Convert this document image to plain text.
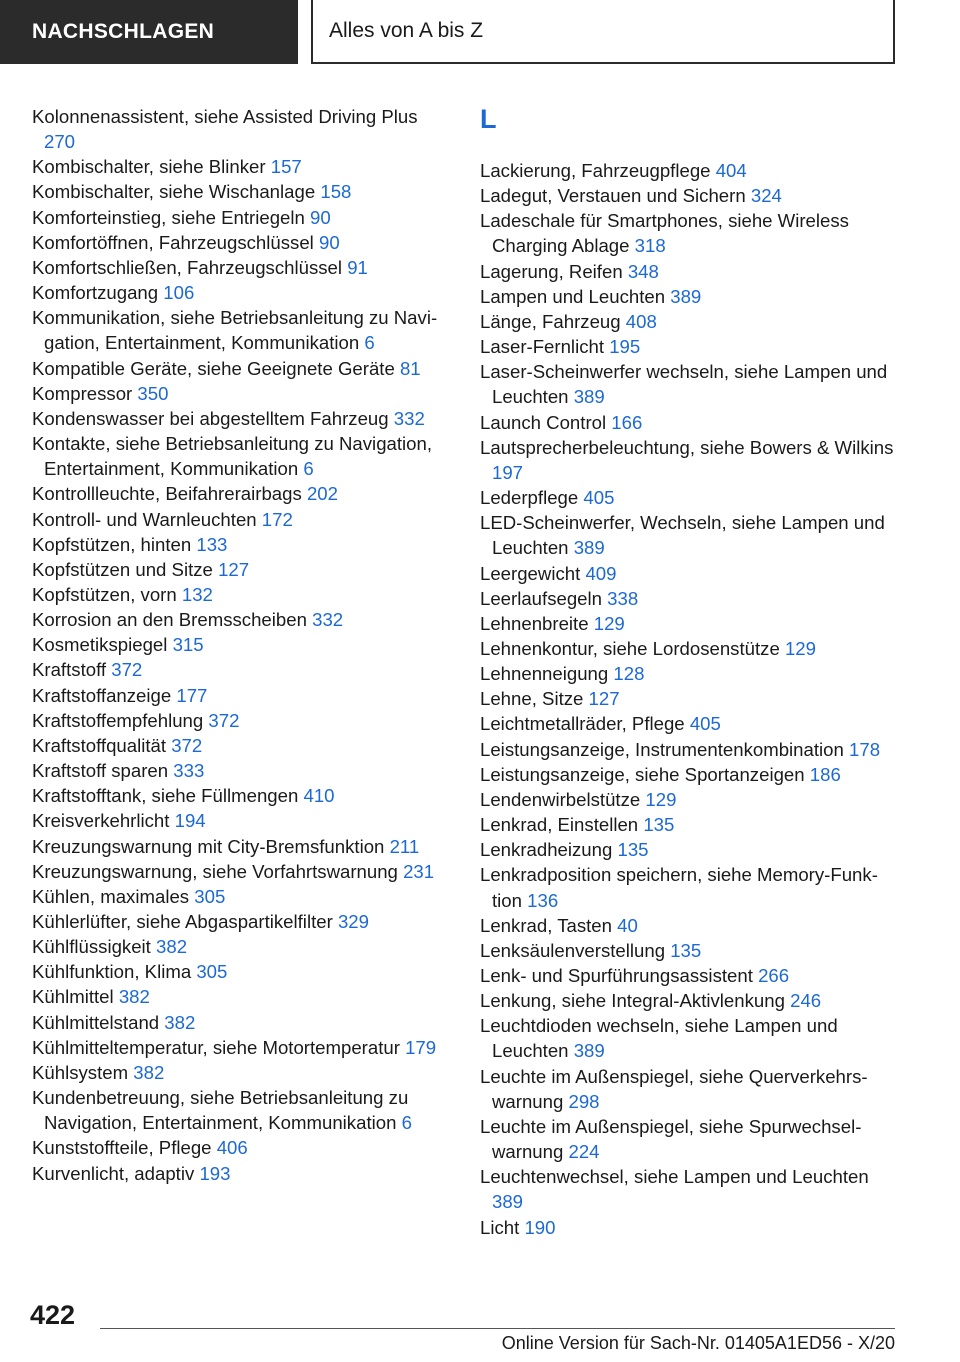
NACHSCHLAGEN	Alles von A bis Z
Kolonnenassistent, siehe Assisted Driving Plus 270
Kombischalter, siehe Blinker 157
Kombischalter, siehe Wischanlage 158
Komforteinstieg, siehe Entriegeln 90
Komfortöffnen, Fahrzeugschlüssel 90
Komfortschließen, Fahrzeugschlüssel 91
Komfortzugang 106
Kommunikation, siehe Betriebsanleitung zu Navigation, Entertainment, Kommunikation 6
Kompatible Geräte, siehe Geeignete Geräte 81
Kompressor 350
Kondenswasser bei abgestelltem Fahrzeug 332
Kontakte, siehe Betriebsanleitung zu Navigation, Entertainment, Kommunikation 6
Kontrollleuchte, Beifahrerairbags 202
Kontroll- und Warnleuchten 172
Kopfstützen, hinten 133
Kopfstützen und Sitze 127
Kopfstützen, vorn 132
Korrosion an den Bremsscheiben 332
Kosmetikspiegel 315
Kraftstoff 372
Kraftstoffanzeige 177
Kraftstoffempfehlung 372
Kraftstoffqualität 372
Kraftstoff sparen 333
Kraftstofftank, siehe Füllmengen 410
Kreisverkehrlicht 194
Kreuzungswarnung mit City-Bremsfunktion 211
Kreuzungswarnung, siehe Vorfahrtswarnung 231
Kühlen, maximales 305
Kühlerlüfter, siehe Abgaspartikelfilter 329
Kühlflüssigkeit 382
Kühlfunktion, Klima 305
Kühlmittel 382
Kühlmittelstand 382
Kühlmitteltemperatur, siehe Motortemperatur 179
Kühlsystem 382
Kundenbetreuung, siehe Betriebsanleitung zu Navigation, Entertainment, Kommunikation 6
Kunststoffteile, Pflege 406
Kurvenlicht, adaptiv 193
L
Lackierung, Fahrzeugpflege 404
Ladegut, Verstauen und Sichern 324
Ladeschale für Smartphones, siehe Wireless Charging Ablage 318
Lagerung, Reifen 348
Lampen und Leuchten 389
Länge, Fahrzeug 408
Laser-Fernlicht 195
Laser-Scheinwerfer wechseln, siehe Lampen und Leuchten 389
Launch Control 166
Lautsprecherbeleuchtung, siehe Bowers & Wilkins 197
Lederpflege 405
LED-Scheinwerfer, Wechseln, siehe Lampen und Leuchten 389
Leergewicht 409
Leerlaufsegeln 338
Lehnenbreite 129
Lehnenkontur, siehe Lordosenstütze 129
Lehnenneigung 128
Lehne, Sitze 127
Leichtmetallräder, Pflege 405
Leistungsanzeige, Instrumentenkombination 178
Leistungsanzeige, siehe Sportanzeigen 186
Lendenwirbelstütze 129
Lenkrad, Einstellen 135
Lenkradheizung 135
Lenkradposition speichern, siehe Memory-Funktion 136
Lenkrad, Tasten 40
Lenksäulenverstellung 135
Lenk- und Spurführungsassistent 266
Lenkung, siehe Integral-Aktivlenkung 246
Leuchtdioden wechseln, siehe Lampen und Leuchten 389
Leuchte im Außenspiegel, siehe Querverkehrswarnung 298
Leuchte im Außenspiegel, siehe Spurwechselwarnung 224
Leuchtenwechsel, siehe Lampen und Leuchten 389
Licht 190
422
Online Version für Sach-Nr. 01405A1ED56 - X/20
